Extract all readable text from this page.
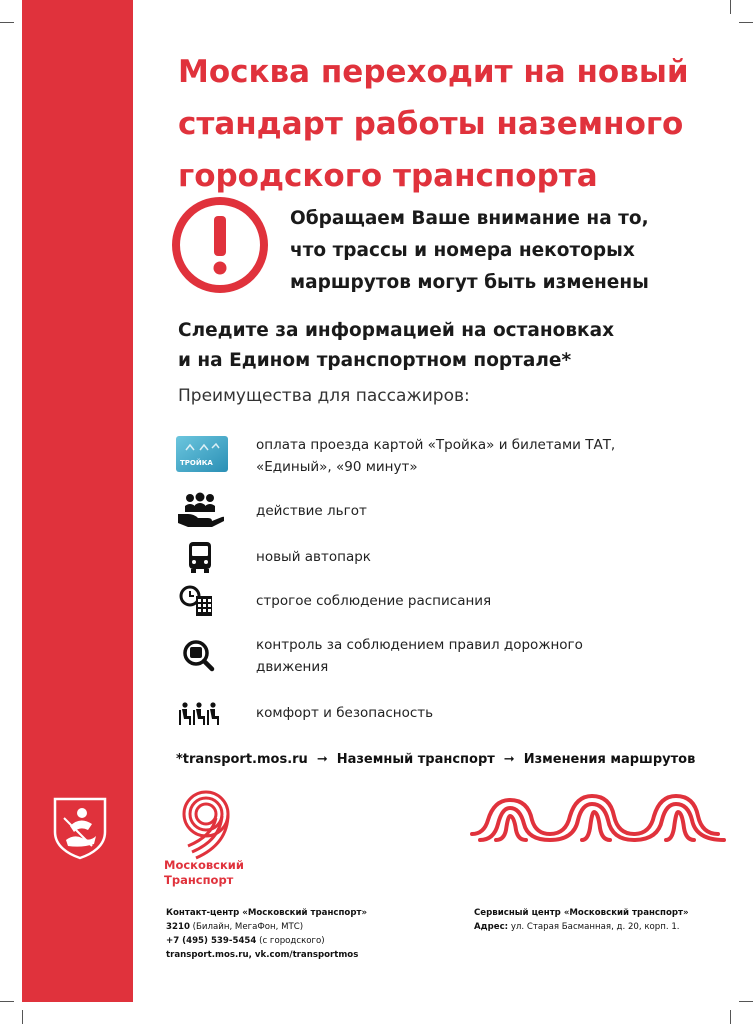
Москва переходит на новый
стандарт работы наземного
городского транспорта
Обращаем Ваше внимание на то,
что трассы и номера некоторых
маршрутов могут быть изменены
Следите за информацией на остановках
и на Едином транспортном портале*
Преимущества для пассажиров:
ТРОЙКА
оплата проезда картой «Тройка» и билетами ТАТ,
«Единый», «90 минут»
действие льгот
новый автопарк
строгое соблюдение расписания
контроль за соблюдением правил дорожного
движения
комфорт и безопасность
*transport.mos.ru ➞ Наземный транспорт ➞ Изменения маршрутов
Московский
Транспорт
Контакт-центр «Московский транспорт»
3210 (Билайн, МегаФон, МТС)
+7 (495) 539-5454 (с городского)
transport.mos.ru, vk.com/transportmos
Сервисный центр «Московский транспорт»
Адрес: ул. Старая Басманная, д. 20, корп. 1.
